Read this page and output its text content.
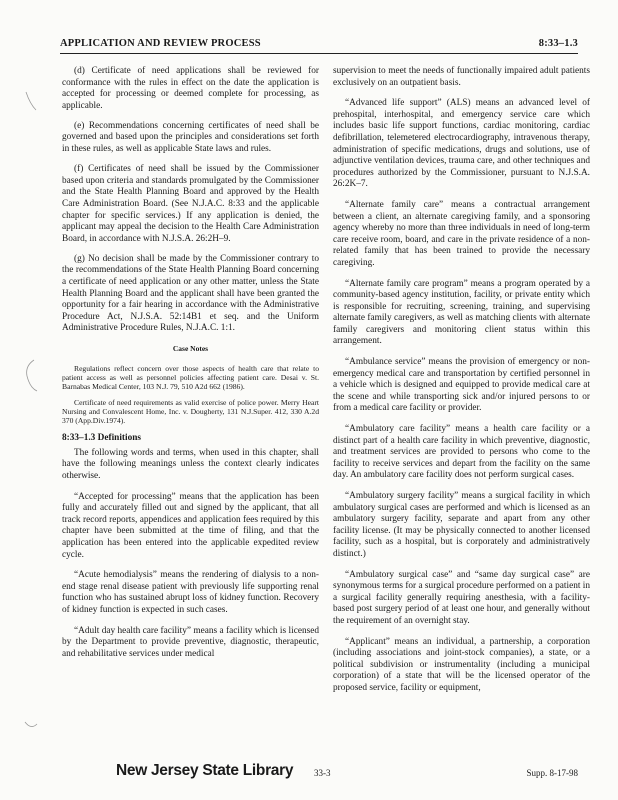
APPLICATION AND REVIEW PROCESS	8:33–1.3

(d) Certificate of need applications shall be reviewed for conformance with the rules in effect on the date the application is accepted for processing or deemed complete for processing, as applicable.

(e) Recommendations concerning certificates of need shall be governed and based upon the principles and considerations set forth in these rules, as well as applicable State laws and rules.

(f) Certificates of need shall be issued by the Commissioner based upon criteria and standards promulgated by the Commissioner and the State Health Planning Board and approved by the Health Care Administration Board. (See N.J.A.C. 8:33 and the applicable chapter for specific services.) If any application is denied, the applicant may appeal the decision to the Health Care Administration Board, in accordance with N.J.S.A. 26:2H–9.

(g) No decision shall be made by the Commissioner contrary to the recommendations of the State Health Planning Board concerning a certificate of need application or any other matter, unless the State Health Planning Board and the applicant shall have been granted the opportunity for a fair hearing in accordance with the Administrative Procedure Act, N.J.S.A. 52:14B1 et seq. and the Uniform Administrative Procedure Rules, N.J.A.C. 1:1.

Case Notes

Regulations reflect concern over those aspects of health care that relate to patient access as well as personnel policies affecting patient care. Desai v. St. Barnabas Medical Center, 103 N.J. 79, 510 A2d 662 (1986).

Certificate of need requirements as valid exercise of police power. Merry Heart Nursing and Convalescent Home, Inc. v. Dougherty, 131 N.J.Super. 412, 330 A.2d 370 (App.Div.1974).

8:33–1.3 Definitions

The following words and terms, when used in this chapter, shall have the following meanings unless the context clearly indicates otherwise.

“Accepted for processing” means that the application has been fully and accurately filled out and signed by the applicant, that all track record reports, appendices and application fees required by this chapter have been submitted at the time of filing, and that the application has been entered into the applicable expedited review cycle.

“Acute hemodialysis” means the rendering of dialysis to a non-end stage renal disease patient with previously life supporting renal function who has sustained abrupt loss of kidney function. Recovery of kidney function is expected in such cases.

“Adult day health care facility” means a facility which is licensed by the Department to provide preventive, diagnostic, therapeutic, and rehabilitative services under medical

supervision to meet the needs of functionally impaired adult patients exclusively on an outpatient basis.

“Advanced life support” (ALS) means an advanced level of prehospital, interhospital, and emergency service care which includes basic life support functions, cardiac monitoring, cardiac defibrillation, telemetered electrocardiography, intravenous therapy, administration of specific medications, drugs and solutions, use of adjunctive ventilation devices, trauma care, and other techniques and procedures authorized by the Commissioner, pursuant to N.J.S.A. 26:2K–7.

“Alternate family care” means a contractual arrangement between a client, an alternate caregiving family, and a sponsoring agency whereby no more than three individuals in need of long-term care receive room, board, and care in the private residence of a non-related family that has been trained to provide the necessary caregiving.

“Alternate family care program” means a program operated by a community-based agency institution, facility, or private entity which is responsible for recruiting, screening, training, and supervising alternate family caregivers, as well as matching clients with alternate family caregivers and monitoring client status within this arrangement.

“Ambulance service” means the provision of emergency or non-emergency medical care and transportation by certified personnel in a vehicle which is designed and equipped to provide medical care at the scene and while transporting sick and/or injured persons to or from a medical care facility or provider.

“Ambulatory care facility” means a health care facility or a distinct part of a health care facility in which preventive, diagnostic, and treatment services are provided to persons who come to the facility to receive services and depart from the facility on the same day. An ambulatory care facility does not perform surgical cases.

“Ambulatory surgery facility” means a surgical facility in which ambulatory surgical cases are performed and which is licensed as an ambulatory surgery facility, separate and apart from any other facility license. (It may be physically connected to another licensed facility, such as a hospital, but is corporately and administratively distinct.)

“Ambulatory surgical case” and “same day surgical case” are synonymous terms for a surgical procedure performed on a patient in a surgical facility generally requiring anesthesia, with a facility-based post surgery period of at least one hour, and generally without the requirement of an overnight stay.

“Applicant” means an individual, a partnership, a corporation (including associations and joint-stock companies), a state, or a political subdivision or instrumentality (including a municipal corporation) of a state that will be the licensed operator of the proposed service, facility or equipment,

New Jersey State Library 33-3	Supp. 8-17-98
